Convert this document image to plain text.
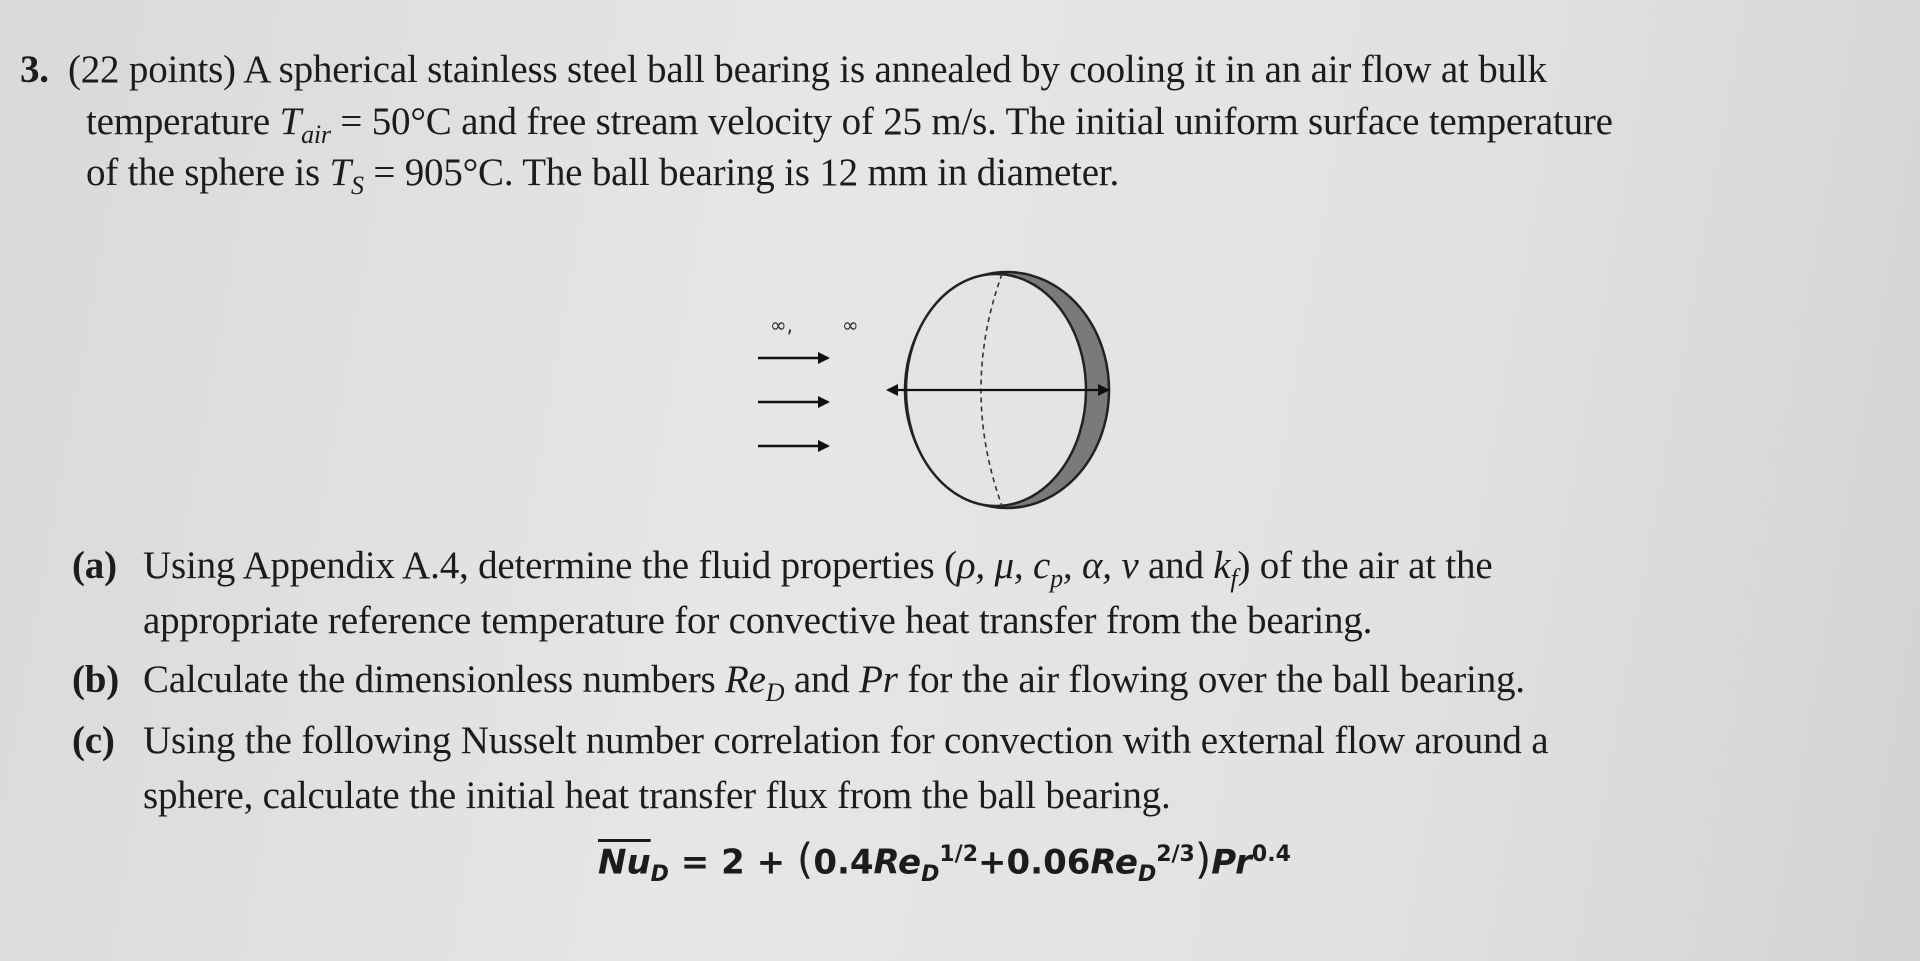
3. (22 points) A spherical stainless steel ball bearing is annealed by cooling it in an air flow at bulk
temperature $T_{air} = 50^\circ C$ and free stream velocity of 25 m/s. The initial uniform surface temperature
of the sphere is $T_S = 905^\circ C$. The ball bearing is 12 mm in diameter.
∞, ∞
(a) Using Appendix A.4, determine the fluid properties (ρ, μ, $c_p$, α, ν and $k_f$) of the air at the
appropriate reference temperature for convective heat transfer from the bearing.
(b) Calculate the dimensionless numbers $Re_D$ and Pr for the air flowing over the ball bearing.
(c) Using the following Nusselt number correlation for convection with external flow around a
sphere, calculate the initial heat transfer flux from the ball bearing.
$\overline{Nu}_D = 2 + (0.4Re_D^{1/2}+0.06Re_D^{2/3})Pr^{0.4}$
